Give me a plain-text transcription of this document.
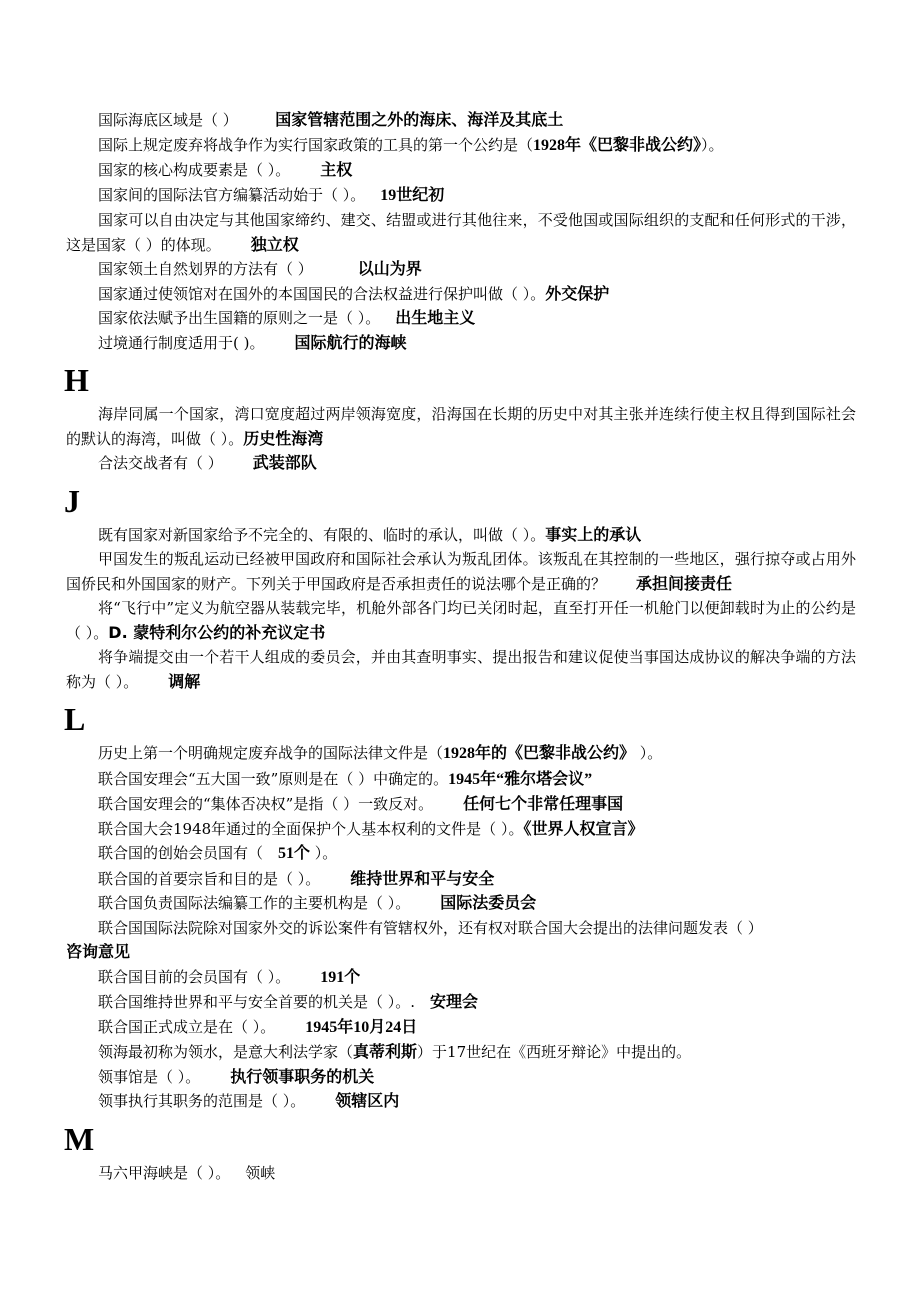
国际海底区域是（ ）    国家管辖范围之外的海床、海洋及其底土

国际上规定废弃将战争作为实行国家政策的工具的第一个公约是（1928年《巴黎非战公约》）。

国家的核心构成要素是（ ）。   主权

国家间的国际法官方编纂活动始于（ ）。  19世纪初

国家可以自由决定与其他国家缔约、建交、结盟或进行其他往来，不受他国或国际组织的支配和任何形式的干涉，这是国家（ ）的体现。   独立权

国家领土自然划界的方法有（ ）   	以山为界

国家通过使领馆对在国外的本国国民的合法权益进行保护叫做（ ）。外交保护

国家依法赋予出生国籍的原则之一是（ ）。  出生地主义

过境通行制度适用于( )。   国际航行的海峡

H

海岸同属一个国家，湾口宽度超过两岸领海宽度，沿海国在长期的历史中对其主张并连续行使主权且得到国际社会的默认的海湾，叫做（ ）。历史性海湾

合法交战者有（ ）   武装部队

J

既有国家对新国家给予不完全的、有限的、临时的承认，叫做（ ）。事实上的承认

甲国发生的叛乱运动已经被甲国政府和国际社会承认为叛乱团体。该叛乱在其控制的一些地区，强行掠夺或占用外国侨民和外国国家的财产。下列关于甲国政府是否承担责任的说法哪个是正确的？   承担间接责任

将“飞行中”定义为航空器从装载完毕，机舱外部各门均已关闭时起，直至打开任一机舱门以便卸载时为止的公约是（ ）。D. 蒙特利尔公约的补充议定书

将争端提交由一个若干人组成的委员会，并由其查明事实、提出报告和建议促使当事国达成协议的解决争端的方法称为（ ）。   调解

L

历史上第一个明确规定废弃战争的国际法律文件是（1928年的《巴黎非战公约》 ）。

联合国安理会“五大国一致”原则是在（ ）中确定的。1945年“雅尔塔会议”

联合国安理会的“集体否决权”是指（ ）一致反对。   任何七个非常任理事国

联合国大会1948年通过的全面保护个人基本权利的文件是（ ）。《世界人权宣言》

联合国的创始会员国有（  51个 ）。

联合国的首要宗旨和目的是（ ）。   维持世界和平与安全

联合国负责国际法编纂工作的主要机构是（ ）。   国际法委员会

联合国国际法院除对国家外交的诉讼案件有管辖权外，还有权对联合国大会提出的法律问题发表（ ）

咨询意见

联合国目前的会员国有（ ）。   191个

联合国维持世界和平与安全首要的机关是（ ）。.  安理会

联合国正式成立是在（ ）。   1945年10月24日

领海最初称为领水，是意大利法学家（真蒂利斯）于17世纪在《西班牙辩论》中提出的。

领事馆是（ ）。   执行领事职务的机关

领事执行其职务的范围是（ ）。   领辖区内

M

马六甲海峡是（ ）。  领峡
